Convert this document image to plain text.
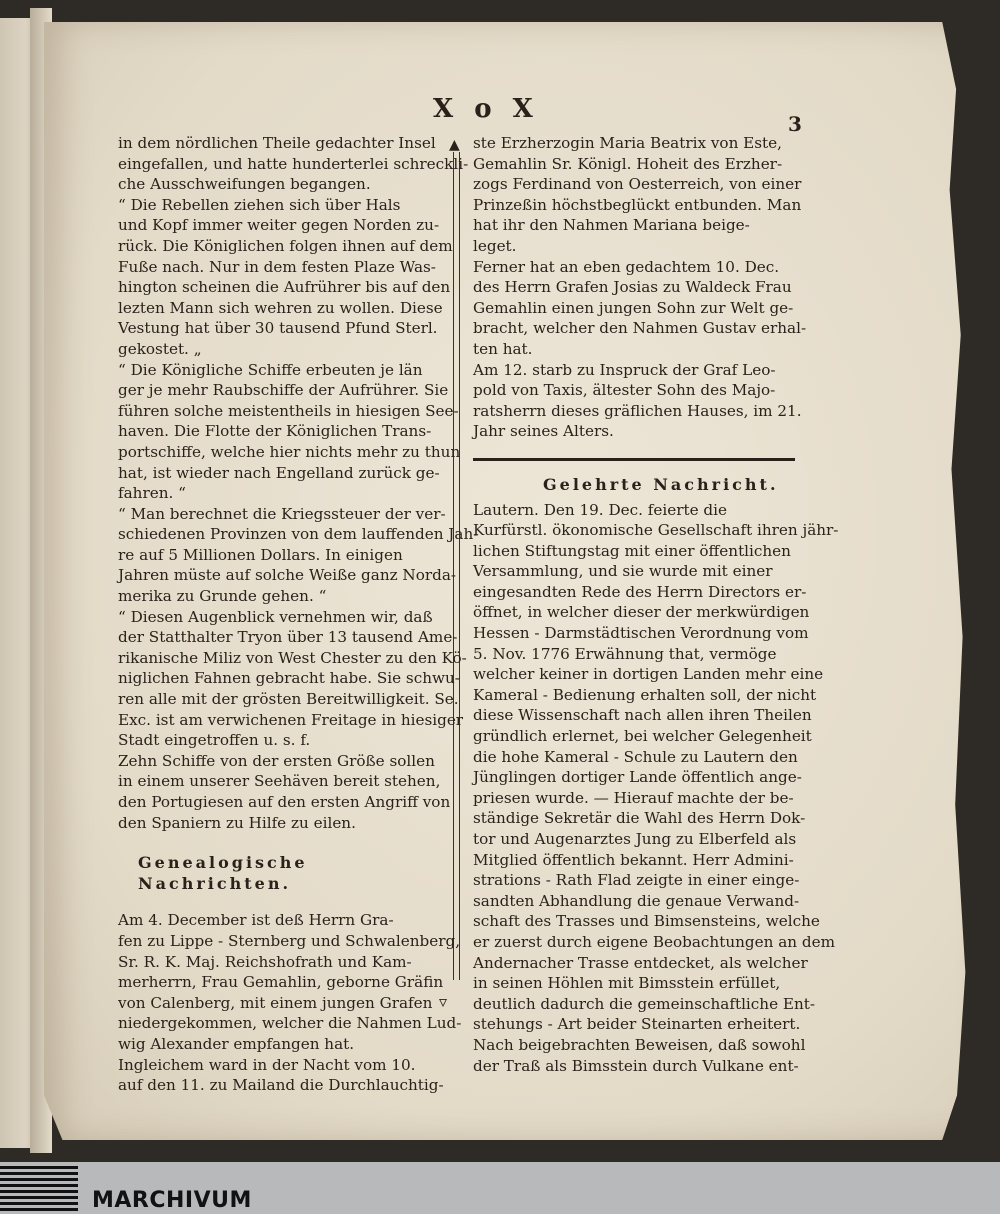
X o X	3
▲
▿
in dem nördlichen Theile gedachter Insel
eingefallen, und hatte hunderterlei schreckli-
che Ausschweifungen begangen.
“ Die Rebellen ziehen sich über Hals
und Kopf immer weiter gegen Norden zu-
rück. Die Königlichen folgen ihnen auf dem
Fuße nach. Nur in dem festen Plaze Was-
hington scheinen die Aufrührer bis auf den
lezten Mann sich wehren zu wollen. Diese
Vestung hat über 30 tausend Pfund Sterl.
gekostet. „
“ Die Königliche Schiffe erbeuten je län
ger je mehr Raubschiffe der Aufrührer. Sie
führen solche meistentheils in hiesigen See-
haven. Die Flotte der Königlichen Trans-
portschiffe, welche hier nichts mehr zu thun
hat, ist wieder nach Engelland zurück ge-
fahren. “
“ Man berechnet die Kriegssteuer der ver-
schiedenen Provinzen von dem lauffenden Jah-
re auf 5 Millionen Dollars. In einigen
Jahren müste auf solche Weiße ganz Norda-
merika zu Grunde gehen. “
“ Diesen Augenblick vernehmen wir, daß
der Statthalter Tryon über 13 tausend Ame-
rikanische Miliz von West Chester zu den Kö-
niglichen Fahnen gebracht habe. Sie schwu-
ren alle mit der grösten Bereitwilligkeit. Se.
Exc. ist am verwichenen Freitage in hiesiger
Stadt eingetroffen u. s. f.
Zehn Schiffe von der ersten Größe sollen
in einem unserer Seehäven bereit stehen,
den Portugiesen auf den ersten Angriff von
den Spaniern zu Hilfe zu eilen.
Genealogische Nachrichten.
Am 4. December ist deß Herrn Gra-
fen zu Lippe - Sternberg und Schwalenberg,
Sr. R. K. Maj. Reichshofrath und Kam-
merherrn, Frau Gemahlin, geborne Gräfin
von Calenberg, mit einem jungen Grafen
niedergekommen, welcher die Nahmen Lud-
wig Alexander empfangen hat.
Ingleichem ward in der Nacht vom 10.
auf den 11. zu Mailand die Durchlauchtig-
ste Erzherzogin Maria Beatrix von Este,
Gemahlin Sr. Königl. Hoheit des Erzher-
zogs Ferdinand von Oesterreich, von einer
Prinzeßin höchstbeglückt entbunden. Man
hat ihr den Nahmen Mariana beige-
leget.
Ferner hat an eben gedachtem 10. Dec.
des Herrn Grafen Josias zu Waldeck Frau
Gemahlin einen jungen Sohn zur Welt ge-
bracht, welcher den Nahmen Gustav erhal-
ten hat.
Am 12. starb zu Inspruck der Graf Leo-
pold von Taxis, ältester Sohn des Majo-
ratsherrn dieses gräflichen Hauses, im 21.
Jahr seines Alters.
Gelehrte Nachricht.
Lautern. Den 19. Dec. feierte die
Kurfürstl. ökonomische Gesellschaft ihren jähr-
lichen Stiftungstag mit einer öffentlichen
Versammlung, und sie wurde mit einer
eingesandten Rede des Herrn Directors er-
öffnet, in welcher dieser der merkwürdigen
Hessen - Darmstädtischen Verordnung vom
5. Nov. 1776 Erwähnung that, vermöge
welcher keiner in dortigen Landen mehr eine
Kameral - Bedienung erhalten soll, der nicht
diese Wissenschaft nach allen ihren Theilen
gründlich erlernet, bei welcher Gelegenheit
die hohe Kameral - Schule zu Lautern den
Jünglingen dortiger Lande öffentlich ange-
priesen wurde. — Hierauf machte der be-
ständige Sekretär die Wahl des Herrn Dok-
tor und Augenarztes Jung zu Elberfeld als
Mitglied öffentlich bekannt. Herr Admini-
strations - Rath Flad zeigte in einer einge-
sandten Abhandlung die genaue Verwand-
schaft des Trasses und Bimsensteins, welche
er zuerst durch eigene Beobachtungen an dem
Andernacher Trasse entdecket, als welcher
in seinen Höhlen mit Bimsstein erfüllet,
deutlich dadurch die gemeinschaftliche Ent-
stehungs - Art beider Steinarten erheitert.
Nach beigebrachten Beweisen, daß sowohl
der Traß als Bimsstein durch Vulkane ent-
MARCHIVUM
